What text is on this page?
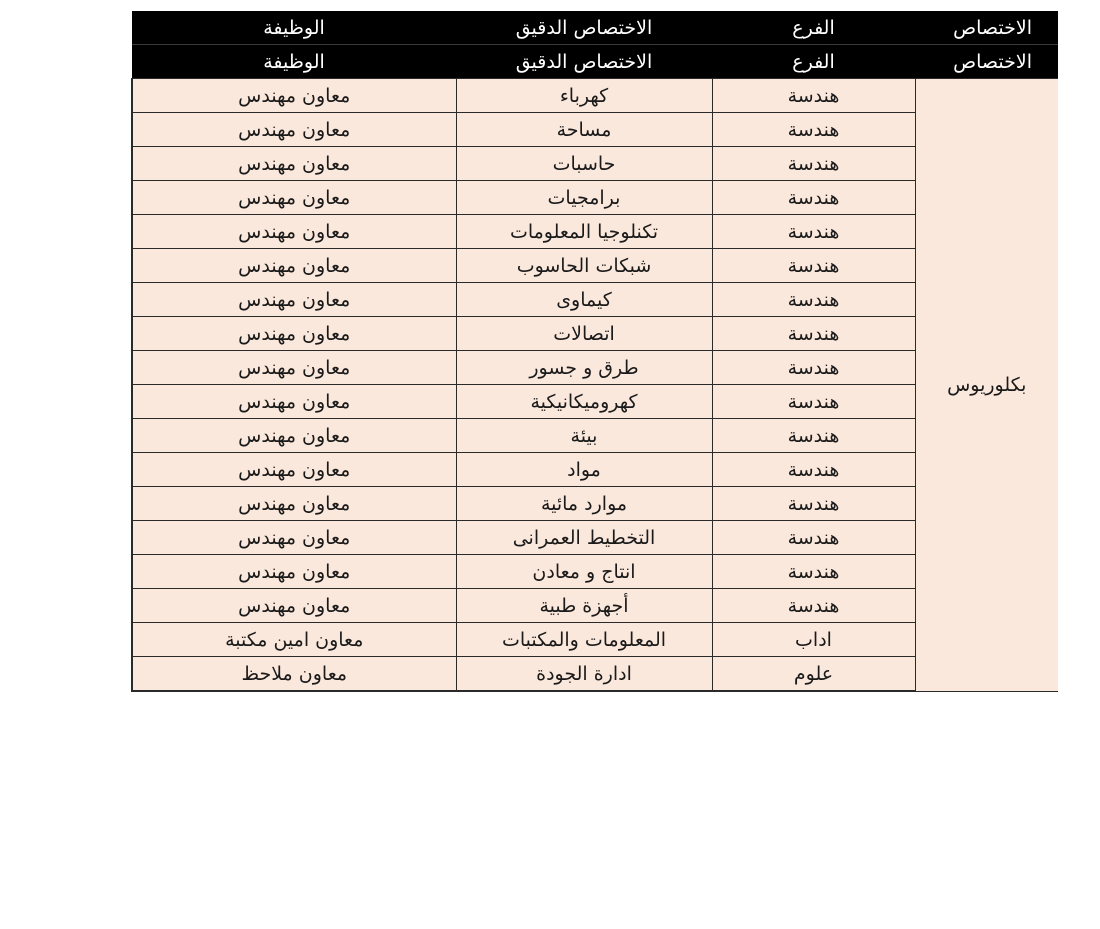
الاختصاص	الفرع	الاختصاص الدقيق	الوظيفة
الاختصاص	الفرع	الاختصاص الدقيق	الوظيفة
بكلوريوس	هندسة	كهرباء	معاون مهندس
	هندسة	مساحة	معاون مهندس
	هندسة	حاسبات	معاون مهندس
	هندسة	برامجيات	معاون مهندس
	هندسة	تكنلوجيا المعلومات	معاون مهندس
	هندسة	شبكات الحاسوب	معاون مهندس
	هندسة	كيماوى	معاون مهندس
	هندسة	اتصالات	معاون مهندس
	هندسة	طرق و جسور	معاون مهندس
	هندسة	كهروميكانيكية	معاون مهندس
	هندسة	بيئة	معاون مهندس
	هندسة	مواد	معاون مهندس
	هندسة	موارد مائية	معاون مهندس
	هندسة	التخطيط العمرانى	معاون مهندس
	هندسة	انتاج و معادن	معاون مهندس
	هندسة	أجهزة طبية	معاون مهندس
	اداب	المعلومات والمكتبات	معاون امين مكتبة
	علوم	ادارة الجودة	معاون ملاحظ
